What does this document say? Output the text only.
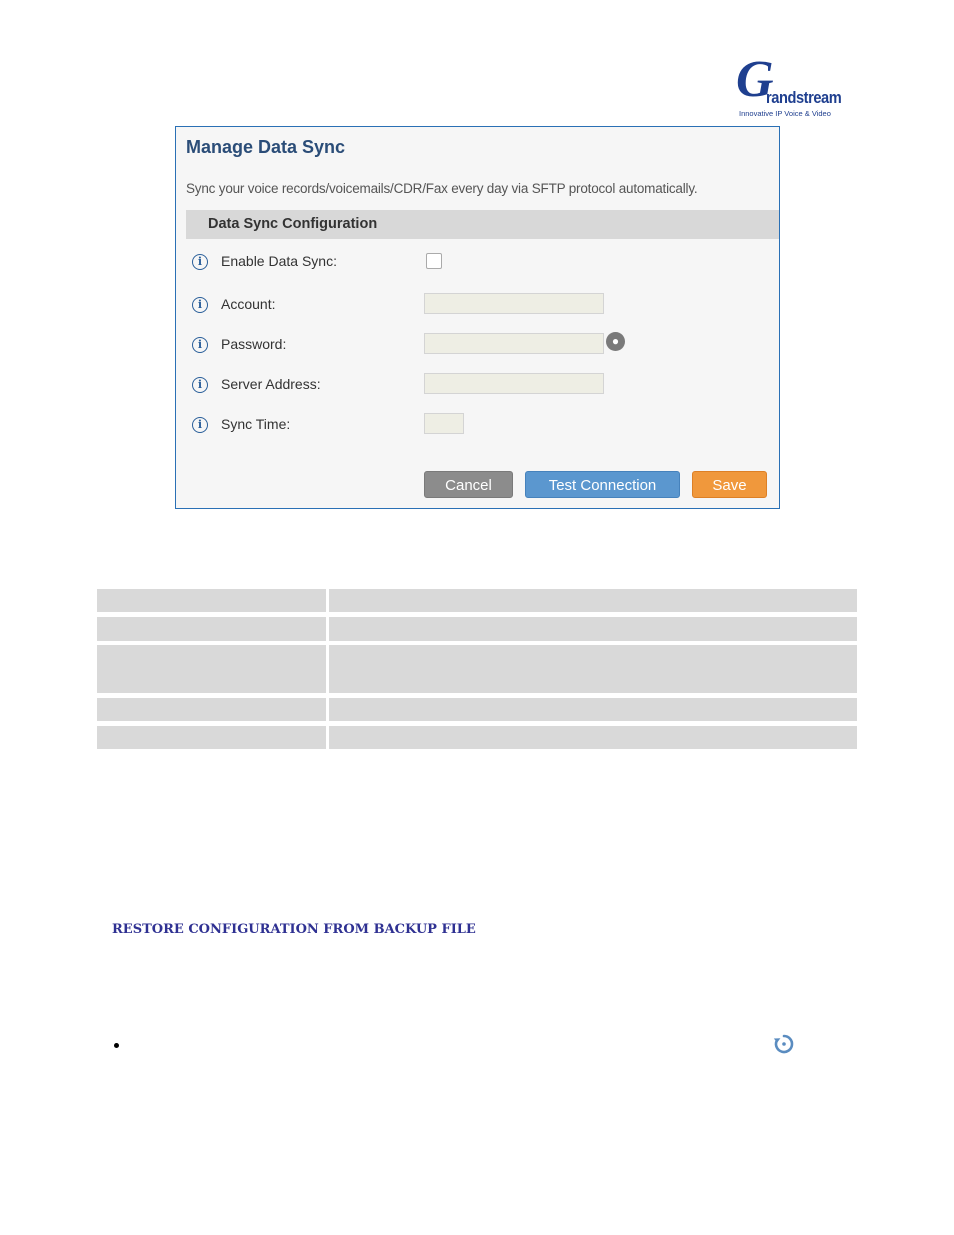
G
randstream
Innovative IP Voice & Video
Manage Data Sync
Sync your voice records/voicemails/CDR/Fax every day via SFTP protocol automatically.
Data Sync Configuration
i	Enable Data Sync:
i	Account:
i	Password:	●
i	Server Address:
i	Sync Time:
Cancel	Test Connection	Save
RESTORE CONFIGURATION FROM BACKUP FILE
